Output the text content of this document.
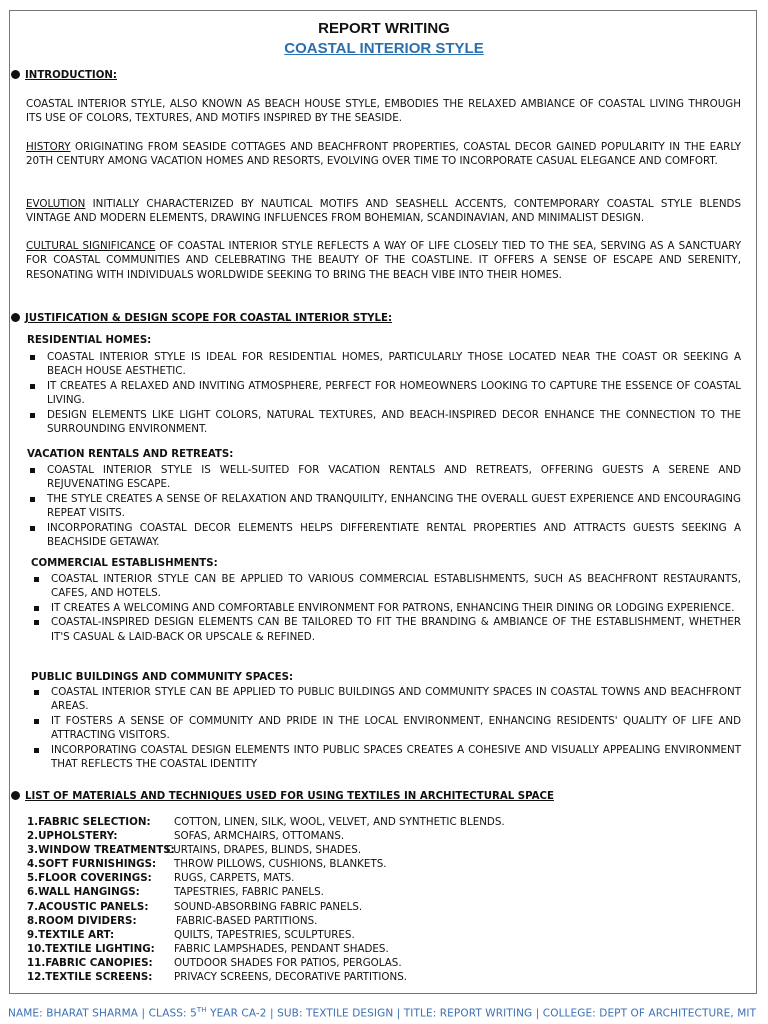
REPORT WRITING
COASTAL INTERIOR STYLE
INTRODUCTION:
COASTAL INTERIOR STYLE, ALSO KNOWN AS BEACH HOUSE STYLE, EMBODIES THE RELAXED AMBIANCE OF COASTAL LIVING THROUGH ITS USE OF COLORS, TEXTURES, AND MOTIFS INSPIRED BY THE SEASIDE.
HISTORY ORIGINATING FROM SEASIDE COTTAGES AND BEACHFRONT PROPERTIES, COASTAL DECOR GAINED POPULARITY IN THE EARLY 20TH CENTURY AMONG VACATION HOMES AND RESORTS, EVOLVING OVER TIME TO INCORPORATE CASUAL ELEGANCE AND COMFORT.
EVOLUTION INITIALLY CHARACTERIZED BY NAUTICAL MOTIFS AND SEASHELL ACCENTS, CONTEMPORARY COASTAL STYLE BLENDS VINTAGE AND MODERN ELEMENTS, DRAWING INFLUENCES FROM BOHEMIAN, SCANDINAVIAN, AND MINIMALIST DESIGN.
CULTURAL SIGNIFICANCE OF COASTAL INTERIOR STYLE REFLECTS A WAY OF LIFE CLOSELY TIED TO THE SEA, SERVING AS A SANCTUARY FOR COASTAL COMMUNITIES AND CELEBRATING THE BEAUTY OF THE COASTLINE. IT OFFERS A SENSE OF ESCAPE AND SERENITY, RESONATING WITH INDIVIDUALS WORLDWIDE SEEKING TO BRING THE BEACH VIBE INTO THEIR HOMES.
JUSTIFICATION & DESIGN SCOPE FOR COASTAL INTERIOR STYLE:
RESIDENTIAL HOMES:
COASTAL INTERIOR STYLE IS IDEAL FOR RESIDENTIAL HOMES, PARTICULARLY THOSE LOCATED NEAR THE COAST OR SEEKING A BEACH HOUSE AESTHETIC.
IT CREATES A RELAXED AND INVITING ATMOSPHERE, PERFECT FOR HOMEOWNERS LOOKING TO CAPTURE THE ESSENCE OF COASTAL LIVING.
DESIGN ELEMENTS LIKE LIGHT COLORS, NATURAL TEXTURES, AND BEACH-INSPIRED DECOR ENHANCE THE CONNECTION TO THE SURROUNDING ENVIRONMENT.
VACATION RENTALS AND RETREATS:
COASTAL INTERIOR STYLE IS WELL-SUITED FOR VACATION RENTALS AND RETREATS, OFFERING GUESTS A SERENE AND REJUVENATING ESCAPE.
THE STYLE CREATES A SENSE OF RELAXATION AND TRANQUILITY, ENHANCING THE OVERALL GUEST EXPERIENCE AND ENCOURAGING REPEAT VISITS.
INCORPORATING COASTAL DECOR ELEMENTS HELPS DIFFERENTIATE RENTAL PROPERTIES AND ATTRACTS GUESTS SEEKING A BEACHSIDE GETAWAY.
COMMERCIAL ESTABLISHMENTS:
COASTAL INTERIOR STYLE CAN BE APPLIED TO VARIOUS COMMERCIAL ESTABLISHMENTS, SUCH AS BEACHFRONT RESTAURANTS, CAFES, AND HOTELS.
IT CREATES A WELCOMING AND COMFORTABLE ENVIRONMENT FOR PATRONS, ENHANCING THEIR DINING OR LODGING EXPERIENCE.
COASTAL-INSPIRED DESIGN ELEMENTS CAN BE TAILORED TO FIT THE BRANDING & AMBIANCE OF THE ESTABLISHMENT, WHETHER IT'S CASUAL & LAID-BACK OR UPSCALE & REFINED.
PUBLIC BUILDINGS AND COMMUNITY SPACES:
COASTAL INTERIOR STYLE CAN BE APPLIED TO PUBLIC BUILDINGS AND COMMUNITY SPACES IN COASTAL TOWNS AND BEACHFRONT AREAS.
IT FOSTERS A SENSE OF COMMUNITY AND PRIDE IN THE LOCAL ENVIRONMENT, ENHANCING RESIDENTS' QUALITY OF LIFE AND ATTRACTING VISITORS.
INCORPORATING COASTAL DESIGN ELEMENTS INTO PUBLIC SPACES CREATES A COHESIVE AND VISUALLY APPEALING ENVIRONMENT THAT REFLECTS THE COASTAL IDENTITY
LIST OF MATERIALS AND TECHNIQUES USED FOR USING TEXTILES IN ARCHITECTURAL SPACE
1.FABRIC SELECTION: COTTON, LINEN, SILK, WOOL, VELVET, AND SYNTHETIC BLENDS.
2.UPHOLSTERY:	SOFAS, ARMCHAIRS, OTTOMANS.
3.WINDOW TREATMENTS:CURTAINS, DRAPES, BLINDS, SHADES.
4.SOFT FURNISHINGS: THROW PILLOWS, CUSHIONS, BLANKETS.
5.FLOOR COVERINGS: RUGS, CARPETS, MATS.
6.WALL HANGINGS:	TAPESTRIES, FABRIC PANELS.
7.ACOUSTIC PANELS: SOUND-ABSORBING FABRIC PANELS.
8.ROOM DIVIDERS:	FABRIC-BASED PARTITIONS.
9.TEXTILE ART:	QUILTS, TAPESTRIES, SCULPTURES.
10.TEXTILE LIGHTING: FABRIC LAMPSHADES, PENDANT SHADES.
11.FABRIC CANOPIES: OUTDOOR SHADES FOR PATIOS, PERGOLAS.
12.TEXTILE SCREENS: PRIVACY SCREENS, DECORATIVE PARTITIONS.
NAME: BHARAT SHARMA | CLASS: 5TH YEAR CA-2 | SUB: TEXTILE DESIGN | TITLE: REPORT WRITING | COLLEGE: DEPT OF ARCHITECTURE, MIT
